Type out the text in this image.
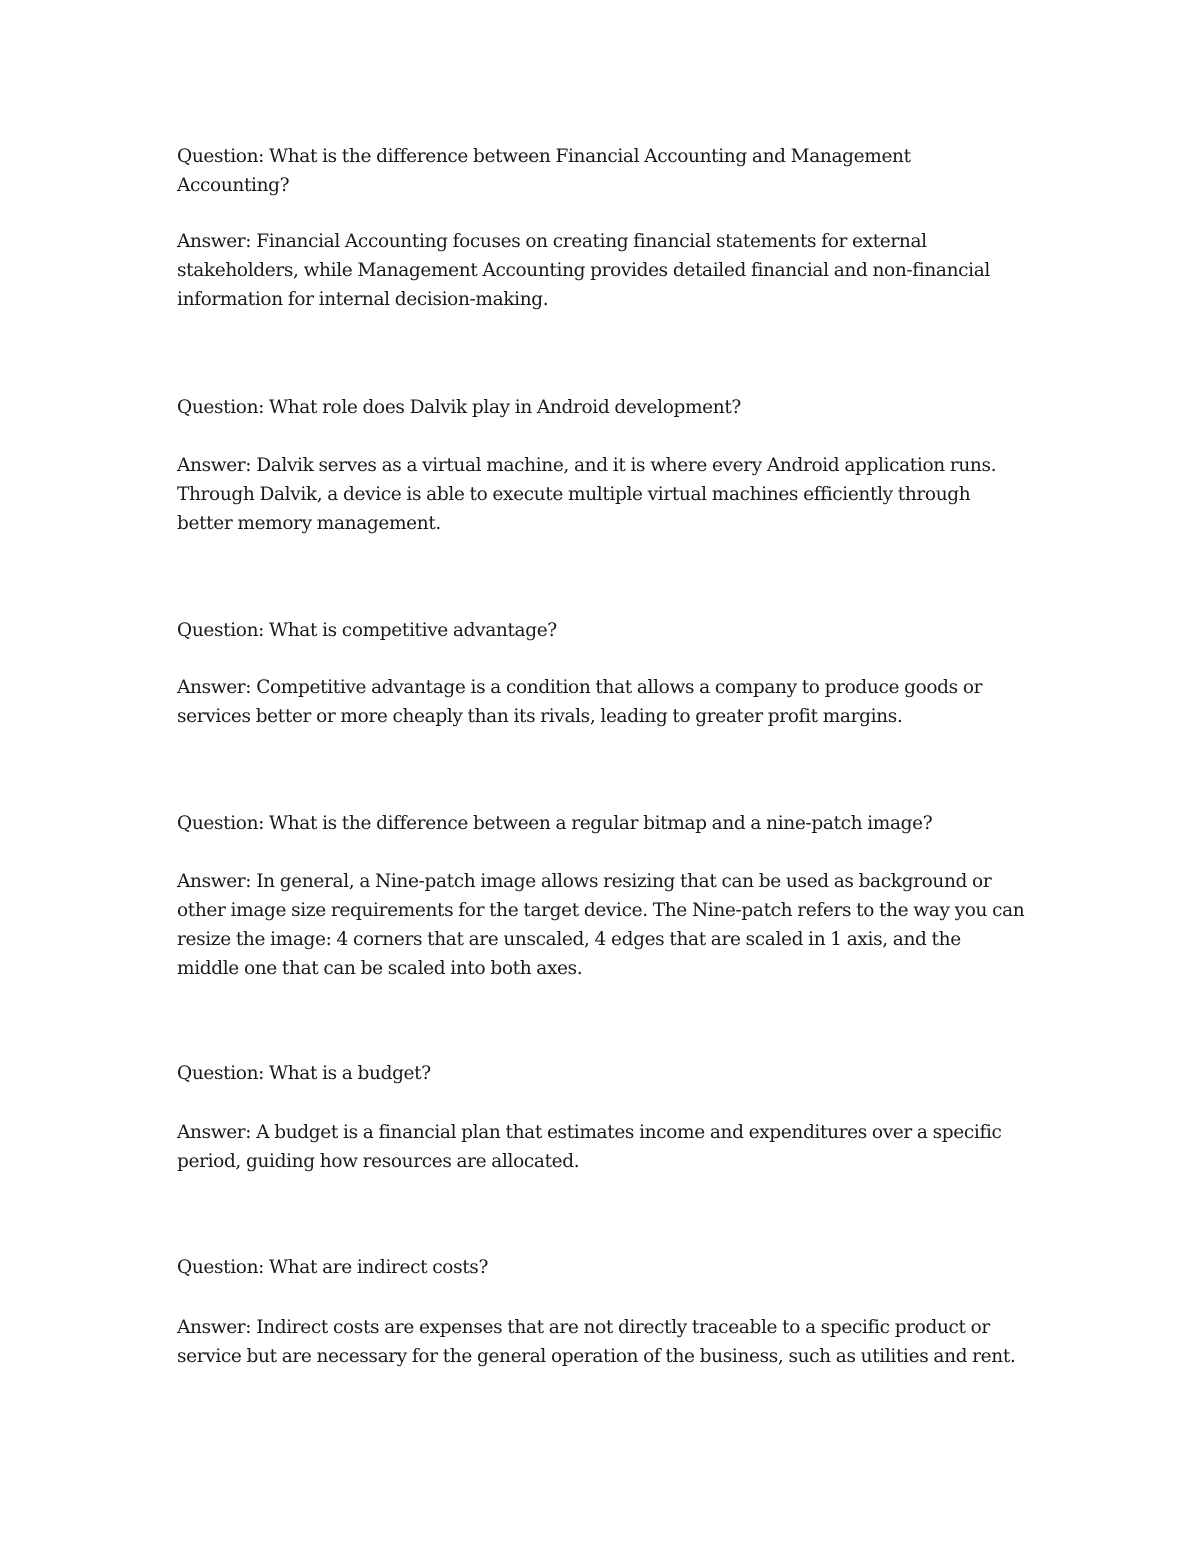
Question: What is the difference between Financial Accounting and Management Accounting?

Answer: Financial Accounting focuses on creating financial statements for external stakeholders, while Management Accounting provides detailed financial and non-financial information for internal decision-making.

Question: What role does Dalvik play in Android development?

Answer: Dalvik serves as a virtual machine, and it is where every Android application runs. Through Dalvik, a device is able to execute multiple virtual machines efficiently through better memory management.

Question: What is competitive advantage?

Answer: Competitive advantage is a condition that allows a company to produce goods or services better or more cheaply than its rivals, leading to greater profit margins.

Question: What is the difference between a regular bitmap and a nine-patch image?

Answer: In general, a Nine-patch image allows resizing that can be used as background or other image size requirements for the target device. The Nine-patch refers to the way you can resize the image: 4 corners that are unscaled, 4 edges that are scaled in 1 axis, and the middle one that can be scaled into both axes.

Question: What is a budget?

Answer: A budget is a financial plan that estimates income and expenditures over a specific period, guiding how resources are allocated.

Question: What are indirect costs?

Answer: Indirect costs are expenses that are not directly traceable to a specific product or service but are necessary for the general operation of the business, such as utilities and rent.
